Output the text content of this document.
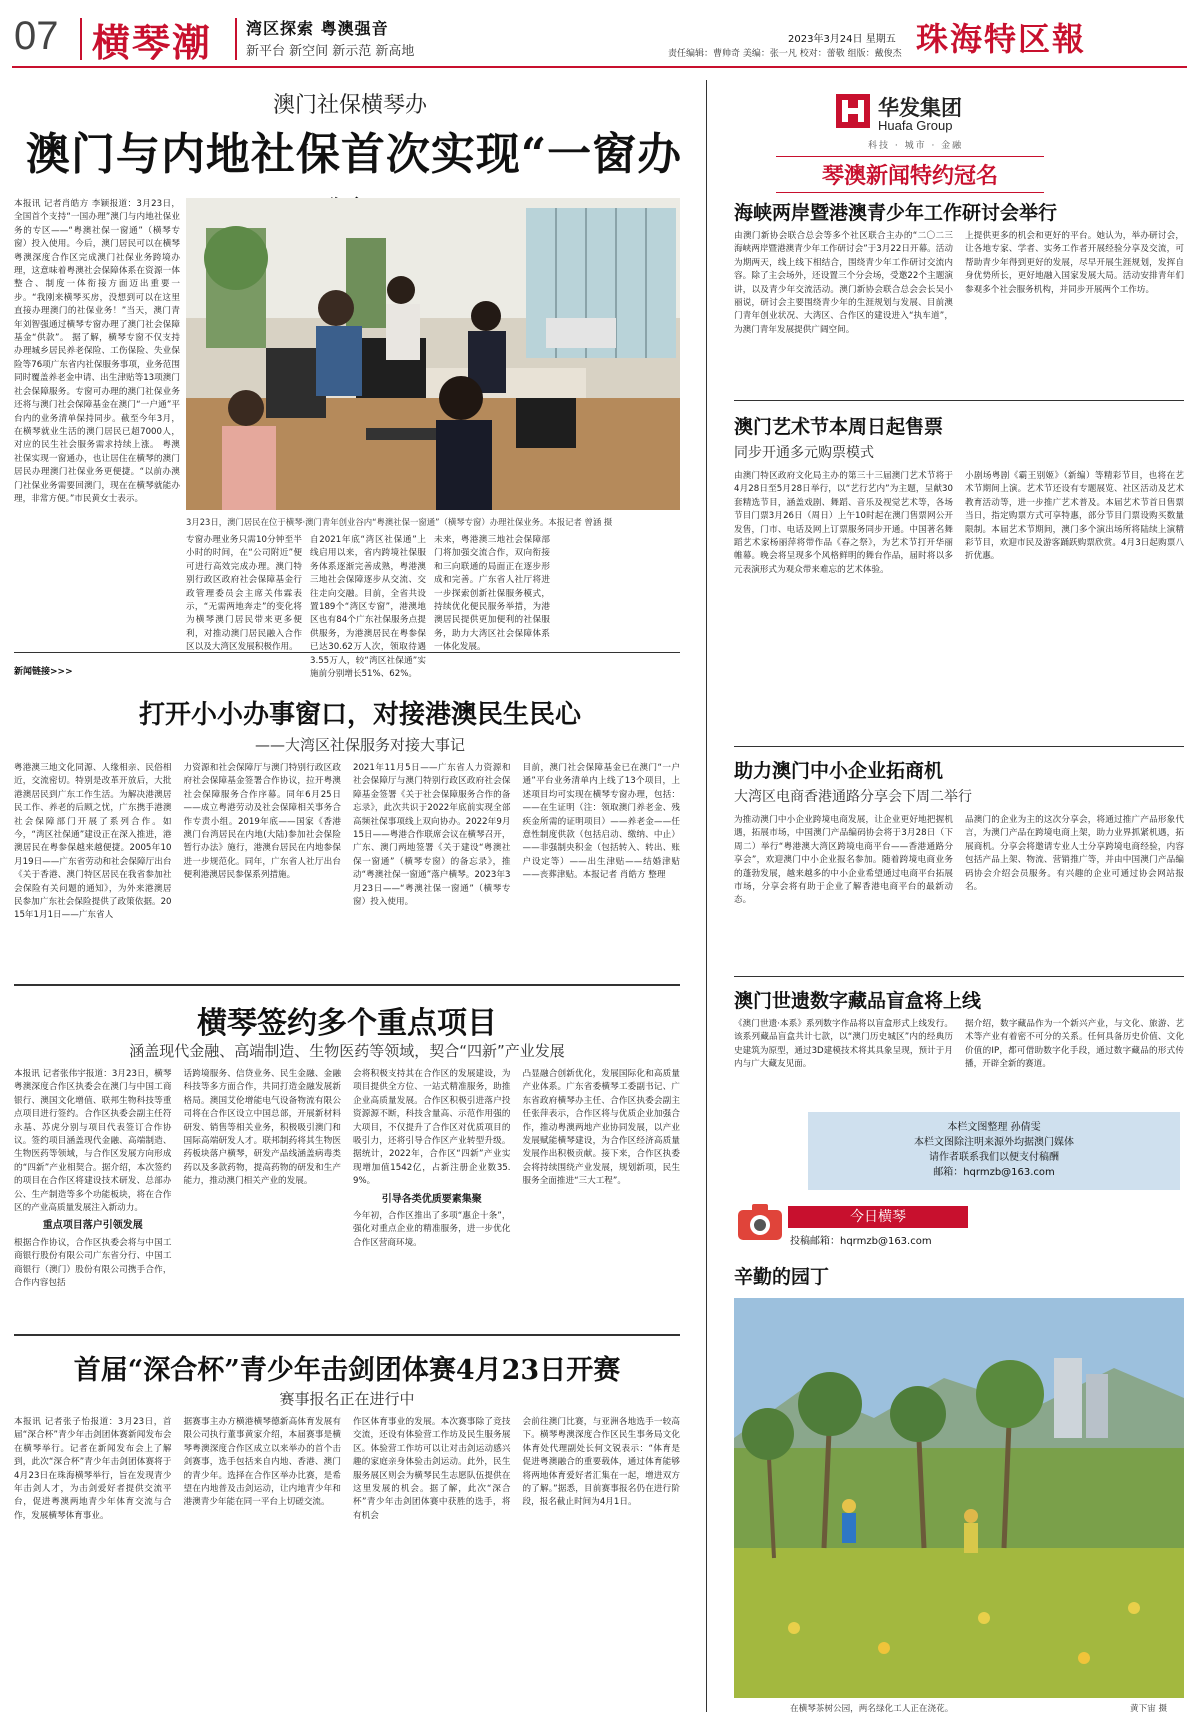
07 横琴潮 湾区探索 粤澳强音
新平台 新空间 新示范 新高地
2023年3月24日 星期五
责任编辑：曹帅奇 美编：张一凡 校对：蕾敬 组版：戴俊杰 珠海特区報
澳门社保横琴办
澳门与内地社保首次实现“一窗办
本报讯 记者肖皓方 李颖报道：3月23日，全国首个支持“一国办理”澳门与内地社保业务的专区——“粤澳社保一窗通”（横琴专窗）投入使用。今后，澳门居民可以在横琴粤澳深度合作区完成澳门社保业务跨境办理，这意味着粤澳社会保障体系在资源一体整合、制度一体衔接方面迈出重要一步。“我刚来横琴买房，没想到可以在这里直接办理澳门的社保业务！”当天，澳门青年刘智强通过横琴专窗办理了澳门社会保障基金“供款”。 据了解，横琴专窗不仅支持办理城乡居民养老保险、工伤保险、失业保险等76项广东省内社保服务事项，业务范围同时覆盖养老金申请、出生津贴等13项澳门社会保障服务。专窗可办理的澳门社保业务还将与澳门社会保障基金在澳门“一户通”平台内的业务清单保持同步。截至今年3月，在横琴就业生活的澳门居民已超7000人，对应的民生社会服务需求持续上涨。 粤澳社保实现一窗通办，也让居住在横琴的澳门居民办理澳门社保业务更便捷。“以前办澳门社保业务需要回澳门，现在在横琴就能办理，非常方便。”市民黄女士表示。
3月23日，澳门居民在位于横琴·澳门青年创业谷内“粤澳社保一窗通”（横琴专窗）办理社保业务。本报记者 曾涵 摄
专窗办理业务只需10分钟至半小时的时间，在“公司附近”便可进行高效完成办理。澳门特别行政区政府社会保障基金行政管理委员会主席关伟霖表示，“无需两地奔走”的变化将为横琴澳门居民带来更多便利，对推动澳门居民融入合作区以及大湾区发展积极作用。
自2021年底“湾区社保通”上线启用以来，省内跨境社保服务体系逐渐完善成熟，粤港澳三地社会保障逐步从交流、交往走向交融。目前，全省共设置189个“湾区专窗”，港澳地区也有84个广东社保服务点提供服务，为港澳居民在粤参保已达30.62万人次，领取待遇3.55万人，较“湾区社保通”实施前分别增长51%、62%。
未来，粤港澳三地社会保障部门将加强交流合作，双向衔接和三向联通的局面正在逐步形成和完善。广东省人社厅将进一步探索创新社保服务模式，持续优化便民服务举措，为港澳居民提供更加便利的社保服务，助力大湾区社会保障体系一体化发展。
新闻链接>>>
打开小小办事窗口，对接港澳民生民心
——大湾区社保服务对接大事记
粤港澳三地文化同源、人缘相亲、民俗相近，交流密切。特别是改革开放后，大批港澳居民到广东工作生活。为解决港澳居民工作、养老的后顾之忧，广东携手港澳社会保障部门开展了系列合作。如今，“湾区社保通”建设正在深入推进，港澳居民在粤参保越来越便捷。2005年10月19日——广东省劳动和社会保障厅出台《关于香港、澳门特区居民在我省参加社会保险有关问题的通知》，为外来港澳居民参加广东社会保险提供了政策依据。2015年1月1日——广东省人
力资源和社会保障厅与澳门特别行政区政府社会保障基金签署合作协议，拉开粤澳社会保障服务合作序幕。同年6月25日——成立粤港劳动及社会保障相关事务合作专责小组。2019年底——国家《香港澳门台湾居民在内地(大陆)参加社会保险暂行办法》施行，港澳台居民在内地参保进一步规范化。同年，广东省人社厅出台便利港澳居民参保系列措施。
2021年11月5日——广东省人力资源和社会保障厅与澳门特别行政区政府社会保障基金签署《关于社会保障服务合作的备忘录》，此次共识于2022年底前实现全部高频社保事项线上双向协办。2022年9月15日——粤港合作联席会议在横琴召开，广东、澳门两地签署《关于建设“粤澳社保一窗通”（横琴专窗）的备忘录》，推动“粤澳社保一窗通”落户横琴。2023年3月23日——“粤澳社保一窗通”（横琴专窗）投入使用。
目前，澳门社会保障基金已在澳门“一户通”平台业务清单内上线了13个项目，上述项目均可实现在横琴专窗办理，包括：——在生证明（注：领取澳门养老金、残疾金所需的证明项目）——养老金——任意性制度供款（包括启动、缴纳、中止）——非强制央积金（包括转入、转出、账户设定等）——出生津贴——结婚津贴——丧葬津贴。本报记者 肖皓方 整理
横琴签约多个重点项目
涵盖现代金融、高端制造、生物医药等领域，契合“四新”产业发展
本报讯 记者张伟宇报道：3月23日，横琴粤澳深度合作区执委会在澳门与中国工商银行、澳国文化增值、联邦生物科技等重点项目进行签约。合作区执委会副主任符永基、苏虎分别与项目代表签订合作协议。签约项目涵盖现代金融、高端制造、生物医药等领域，与合作区发展方向形成的“四新”产业相契合。据介绍，本次签约的项目在合作区将建设技术研发、总部办公、生产制造等多个功能板块，将在合作区的产业高质量发展注入新动力。
重点项目落户引领发展
根据合作协议，合作区执委会将与中国工商银行股份有限公司广东省分行、中国工商银行（澳门）股份有限公司携手合作，合作内容包括
话跨境服务、信贷业务、民生金融、金融科技等多方面合作，共同打造金融发展新格局。澳国艾伦增能电气设备物流有限公司将在合作区设立中国总部，开展新材料研发、销售等相关业务，积极吸引澳门和国际高端研发人才。联邦制药将其生物医药板块落户横琴，研发产品线涵盖病毒类药以及多款药物，提高药物的研发和生产能力，推动澳门相关产业的发展。
会将积极支持其在合作区的发展建设，为项目提供全方位、一站式精准服务，助推企业高质量发展。合作区积极引进落户投资源源不断，科技含量高、示范作用强的大项目，不仅提升了合作区对优质项目的吸引力，还将引导合作区产业转型升级。据统计，2022年，合作区“四新”产业实现增加值1542亿，占新注册企业数35.9%。
引导各类优质要素集聚
今年初，合作区推出了多项“惠企十条”，强化对重点企业的精准服务，进一步优化合作区营商环境。
凸显融合创新优化，发展国际化和高质量产业体系。广东省委横琴工委副书记、广东省政府横琴办主任、合作区执委会副主任张萍表示，合作区将与优质企业加强合作，推动粤澳两地产业协同发展，以产业发展赋能横琴建设，为合作区经济高质量发展作出积极贡献。接下来，合作区执委会将持续围绕产业发展，规划新项，民生服务全面推进“三大工程”。
首届“深合杯”青少年击剑团体赛4月23日开赛
赛事报名正在进行中
本报讯 记者张子怡报道：3月23日，首届“深合杯”青少年击剑团体赛新闻发布会在横琴举行。记者在新闻发布会上了解到，此次“深合杯”青少年击剑团体赛将于4月23日在珠海横琴举行，旨在发现青少年击剑人才，为击剑爱好者提供交流平台，促进粤澳两地青少年体育交流与合作，发展横琴体育事业。
据赛事主办方横港横琴德新高体育发展有限公司执行董事黄家介绍，本届赛事是横琴粤澳深度合作区成立以来举办的首个击剑赛事，选手包括来自内地、香港、澳门的青少年。选择在合作区举办比赛，是希望在内地普及击剑运动，让内地青少年和港澳青少年能在同一平台上切磋交流。
作区体育事业的发展。本次赛事除了竞技交流，还设有体验营工作坊及民生服务展区。体验营工作坊可以让对击剑运动感兴趣的家庭亲身体验击剑运动。此外，民生服务展区则会为横琴民生志愿队伍提供在这里发展的机会。据了解，此次“深合杯”青少年击剑团体赛中获胜的选手，将有机会
会前往澳门比赛，与亚洲各地选手一较高下。横琴粤澳深度合作区民生事务局文化体育处代理副处长何文锐表示：“体育是促进粤澳融合的重要载体，通过体育能够将两地体育爱好者汇集在一起，增进双方的了解。”据悉，目前赛事报名仍在进行阶段，报名截止时间为4月1日。
华发集团
Huafa Group
科技 · 城市 · 金融
琴澳新闻特约冠名
海峡两岸暨港澳青少年工作研讨会举行
由澳门新协会联合总会等多个社区联合主办的“二〇二三海峡两岸暨港澳青少年工作研讨会”于3月22日开幕。活动为期两天，线上线下相结合，围绕青少年工作研讨交流内容。除了主会场外，还设置三个分会场，受邀22个主题演讲，以及青少年交流活动。澳门新协会联合总会会长吴小丽说，研讨会主要围绕青少年的生涯规划与发展、目前澳门青年创业状况、大湾区、合作区的建设进入“执车道”，为澳门青年发展提供广阔空间。
上提供更多的机会和更好的平台。她认为，举办研讨会，让各地专家、学者、实务工作者开展经验分享及交流，可帮助青少年得到更好的发展，尽早开展生涯规划，发挥自身优势所长，更好地融入国家发展大局。活动安排青年们参观多个社会服务机构，并同步开展两个工作坊。
澳门艺术节本周日起售票
同步开通多元购票模式
由澳门特区政府文化局主办的第三十三届澳门艺术节将于4月28日至5月28日举行，以“艺行艺内”为主题，呈献30套精选节目，涵盖戏剧、舞蹈、音乐及视觉艺术等，各场节目门票3月26日（周日）上午10时起在澳门售票网公开发售，门市、电话及网上订票服务同步开通。中国著名舞蹈艺术家杨丽萍将带作品《春之祭》，为艺术节打开华丽帷幕。晚会将呈现多个风格鲜明的舞台作品，届时将以多元表演形式为观众带来难忘的艺术体验。
小剧场粤剧《霸王别姬》（新编）等精彩节目，也将在艺术节期间上演。艺术节还设有专题展览、社区活动及艺术教育活动等，进一步推广艺术普及。本届艺术节首日售票当日，指定购票方式可享特惠，部分节目门票设购买数量限制。本届艺术节期间，澳门多个演出场所将陆续上演精彩节目，欢迎市民及游客踊跃购票欣赏。4月3日起购票八折优惠。
助力澳门中小企业拓商机
大湾区电商香港通路分享会下周二举行
为推动澳门中小企业跨境电商发展，让企业更好地把握机遇，拓展市场，中国澳门产品编码协会将于3月28日（下周二）举行“粤港澳大湾区跨境电商平台——香港通路分享会”，欢迎澳门中小企业报名参加。随着跨境电商业务的蓬勃发展，越来越多的中小企业希望通过电商平台拓展市场，分享会将有助于企业了解香港电商平台的最新动态。
品澳门的企业为主的这次分享会，将通过推广产品形象代言，为澳门产品在跨境电商上架，助力业界抓紧机遇，拓展商机。分享会将邀请专业人士分享跨境电商经验，内容包括产品上架、物流、营销推广等，并由中国澳门产品编码协会介绍会员服务。有兴趣的企业可通过协会网站报名。
澳门世遗数字藏品盲盒将上线
《澳门世遗·本系》系列数字作品将以盲盒形式上线发行。该系列藏品盲盒共计七款，以“澳门历史城区”内的经典历史建筑为原型，通过3D建模技术将其具象呈现，预计于月内与广大藏友见面。
据介绍，数字藏品作为一个新兴产业，与文化、旅游、艺术等产业有着密不可分的关系。任何具备历史价值、文化价值的IP，都可借助数字化手段，通过数字藏品的形式传播，开辟全新的赛道。
本栏文图整理 孙倩雯
本栏文图除注明来源外均据澳门媒体
请作者联系我们以便支付稿酬
邮箱：hqrmzb@163.com
今日横琴
投稿邮箱：hqrmzb@163.com
辛勤的园丁
在横琴茶树公园，两名绿化工人正在浇花。	黄下宙 摄
